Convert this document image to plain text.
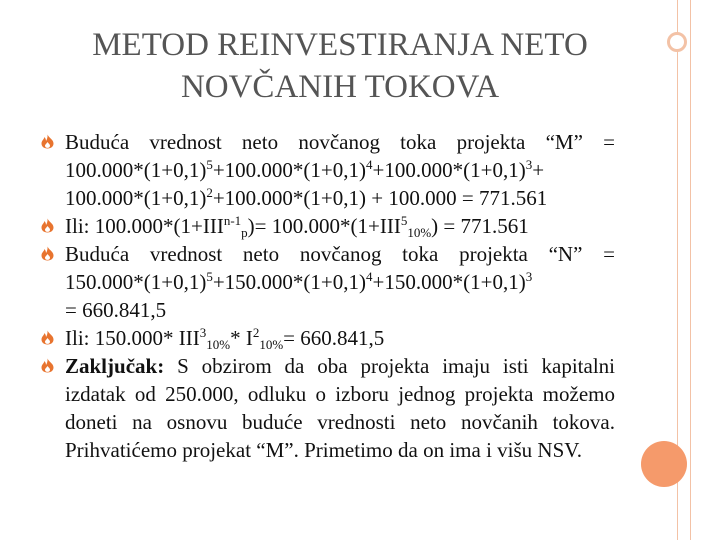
METOD REINVESTIRANJA NETO
NOVČANIH TOKOVA
Buduća vrednost neto novčanog toka projekta “M” =
$100.000*(1+0,1)^5+100.000*(1+0,1)^4+100.000*(1+0,1)^3+$
$100.000*(1+0,1)^2+100.000*(1+0,1) + 100.000 = 771.561$
Ili: $100.000*(1+III^{n-1}_p)= 100.000*(1+III^5_{10\%}) = 771.561$
Buduća vrednost neto novčanog toka projekta “N” =
$150.000*(1+0,1)^5+150.000*(1+0,1)^4+150.000*(1+0,1)^3$
= 660.841,5
Ili: 150.000* $III^3_{10\%}*$ $I^2_{10\%}= 660.841,5$
Zaključak: S obzirom da oba projekta imaju isti kapitalni izdatak od 250.000, odluku o izboru jednog projekta možemo doneti na osnovu buduće vrednosti neto novčanih tokova. Prihvatićemo projekat “M”. Primetimo da on ima i višu NSV.
